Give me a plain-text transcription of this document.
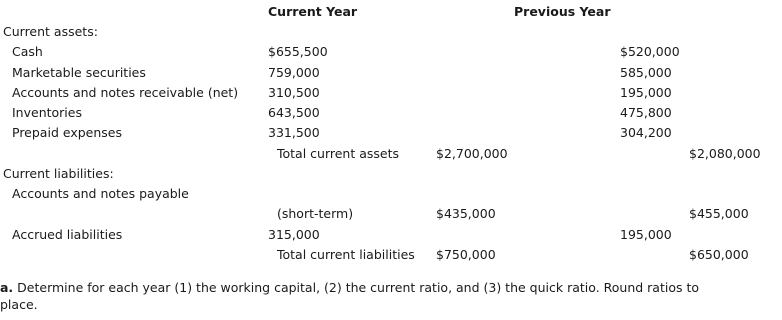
Current Year	Previous Year
Current assets:
Cash	$655,500	$520,000
Marketable securities	759,000	585,000
Accounts and notes receivable (net) 310,500	195,000
Inventories	643,500	475,800
Prepaid expenses	331,500	304,200
Total current assets	$2,700,000	$2,080,000
Current liabilities:
Accounts and notes payable
(short-term)	$435,000	$455,000
Accrued liabilities	315,000	195,000
Total current liabilities $750,000	$650,000
a. Determine for each year (1) the working capital, (2) the current ratio, and (3) the quick ratio. Round ratios to
place.
